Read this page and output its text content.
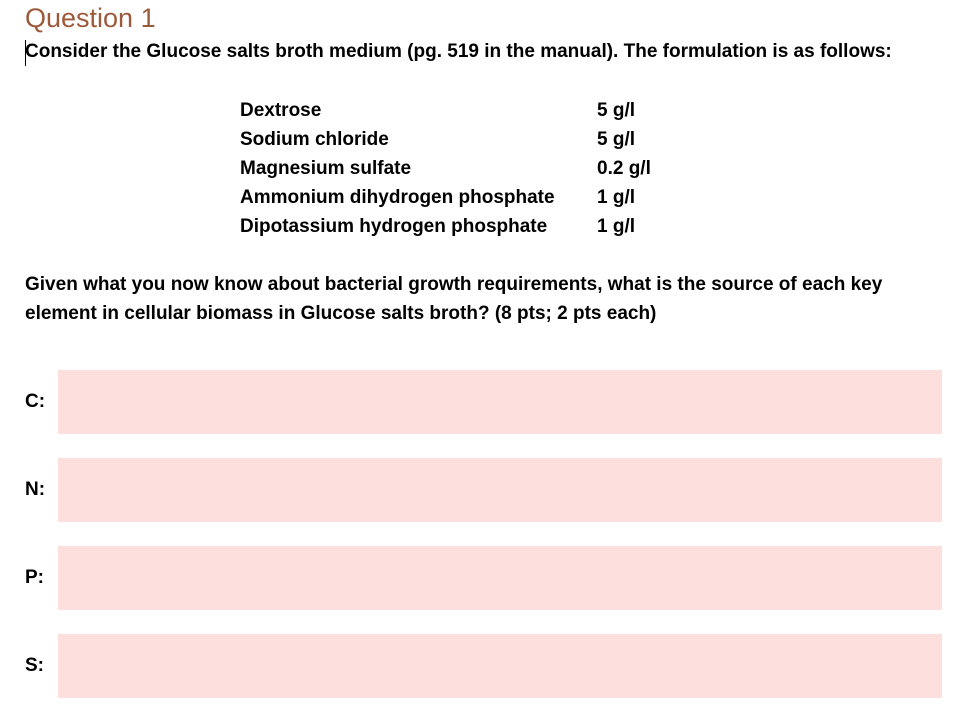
Question 1

Consider the Glucose salts broth medium (pg. 519 in the manual). The formulation is as follows:

Dextrose	5 g/l
Sodium chloride	5 g/l
Magnesium sulfate	0.2 g/l
Ammonium dihydrogen phosphate	1 g/l
Dipotassium hydrogen phosphate	1 g/l

Given what you now know about bacterial growth requirements, what is the source of each key element in cellular biomass in Glucose salts broth? (8 pts; 2 pts each)

C:
N:
P:
S:
